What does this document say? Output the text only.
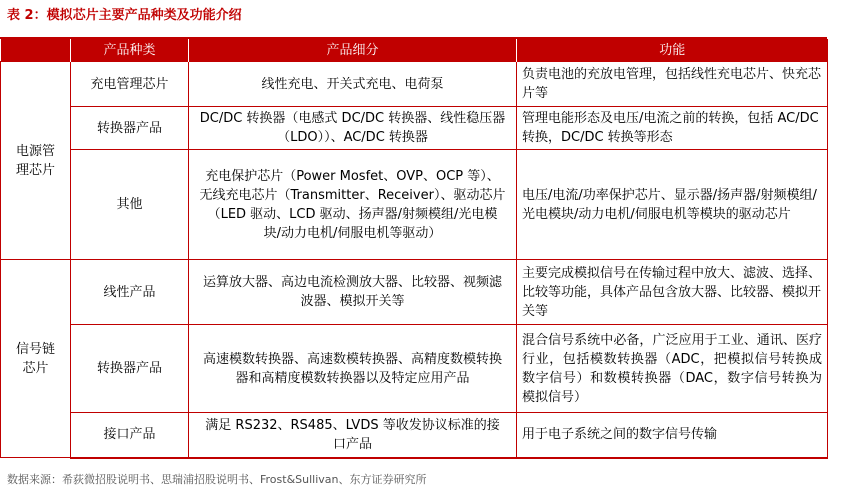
表 2：模拟芯片主要产品种类及功能介绍
	产品种类	产品细分	功能
电源管理芯片	充电管理芯片	线性充电、开关式充电、电荷泵	负责电池的充放电管理，包括线性充电芯片、快充芯片等
	转换器产品	DC/DC 转换器（电感式 DC/DC 转换器、线性稳压器（LDO））、AC/DC 转换器	管理电能形态及电压/电流之前的转换，包括 AC/DC 转换，DC/DC 转换等形态
	其他	充电保护芯片（Power Mosfet、OVP、OCP 等）、无线充电芯片（Transmitter、Receiver）、驱动芯片（LED 驱动、LCD 驱动、扬声器/射频模组/光电模块/动力电机/伺服电机等驱动）	电压/电流/功率保护芯片、显示器/扬声器/射频模组/光电模块/动力电机/伺服电机等模块的驱动芯片
信号链芯片	线性产品	运算放大器、高边电流检测放大器、比较器、视频滤波器、模拟开关等	主要完成模拟信号在传输过程中放大、滤波、选择、比较等功能，具体产品包含放大器、比较器、模拟开关等
	转换器产品	高速模数转换器、高速数模转换器、高精度数模转换器和高精度模数转换器以及特定应用产品	混合信号系统中必备，广泛应用于工业、通讯、医疗行业，包括模数转换器（ADC，把模拟信号转换成数字信号）和数模转换器（DAC，数字信号转换为模拟信号）
	接口产品	满足 RS232、RS485、LVDS 等收发协议标准的接口产品	用于电子系统之间的数字信号传输
数据来源：希荻微招股说明书、思瑞浦招股说明书、Frost&Sullivan、东方证券研究所
